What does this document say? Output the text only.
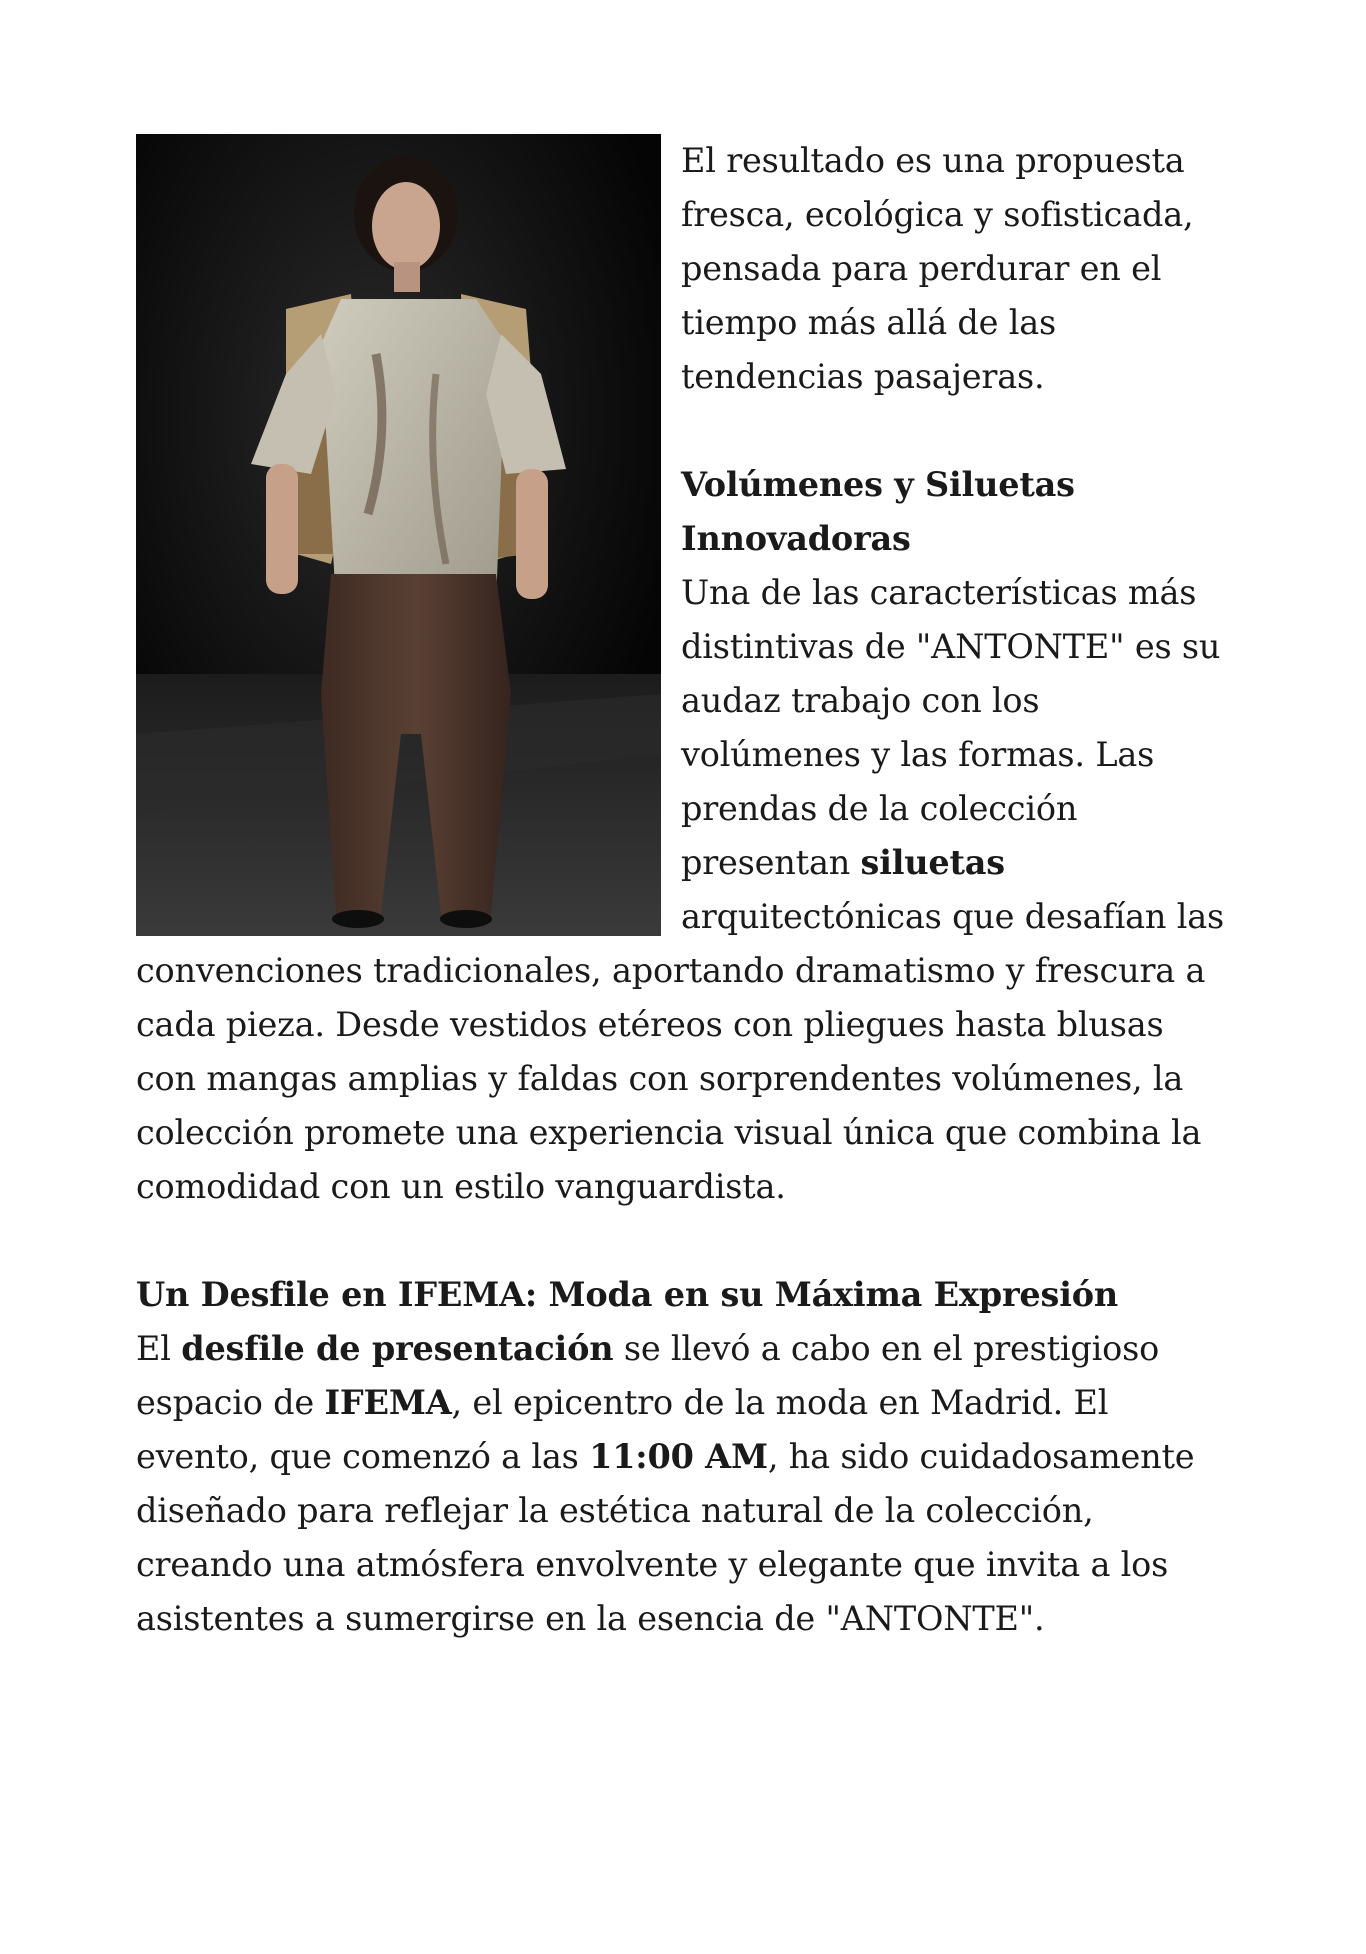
El resultado es una propuesta fresca, ecológica y sofisticada, pensada para perdurar en el tiempo más allá de las tendencias pasajeras.

Volúmenes y Siluetas Innovadoras

Una de las características más distintivas de "ANTONTE" es su audaz trabajo con los volúmenes y las formas. Las prendas de la colección presentan siluetas arquitectónicas que desafían las convenciones tradicionales, aportando dramatismo y frescura a cada pieza. Desde vestidos etéreos con pliegues hasta blusas con mangas amplias y faldas con sorprendentes volúmenes, la colección promete una experiencia visual única que combina la comodidad con un estilo vanguardista.

Un Desfile en IFEMA: Moda en su Máxima Expresión

El desfile de presentación se llevó a cabo en el prestigioso espacio de IFEMA, el epicentro de la moda en Madrid. El evento, que comenzó a las 11:00 AM, ha sido cuidadosamente diseñado para reflejar la estética natural de la colección, creando una atmósfera envolvente y elegante que invita a los asistentes a sumergirse en la esencia de "ANTONTE".
